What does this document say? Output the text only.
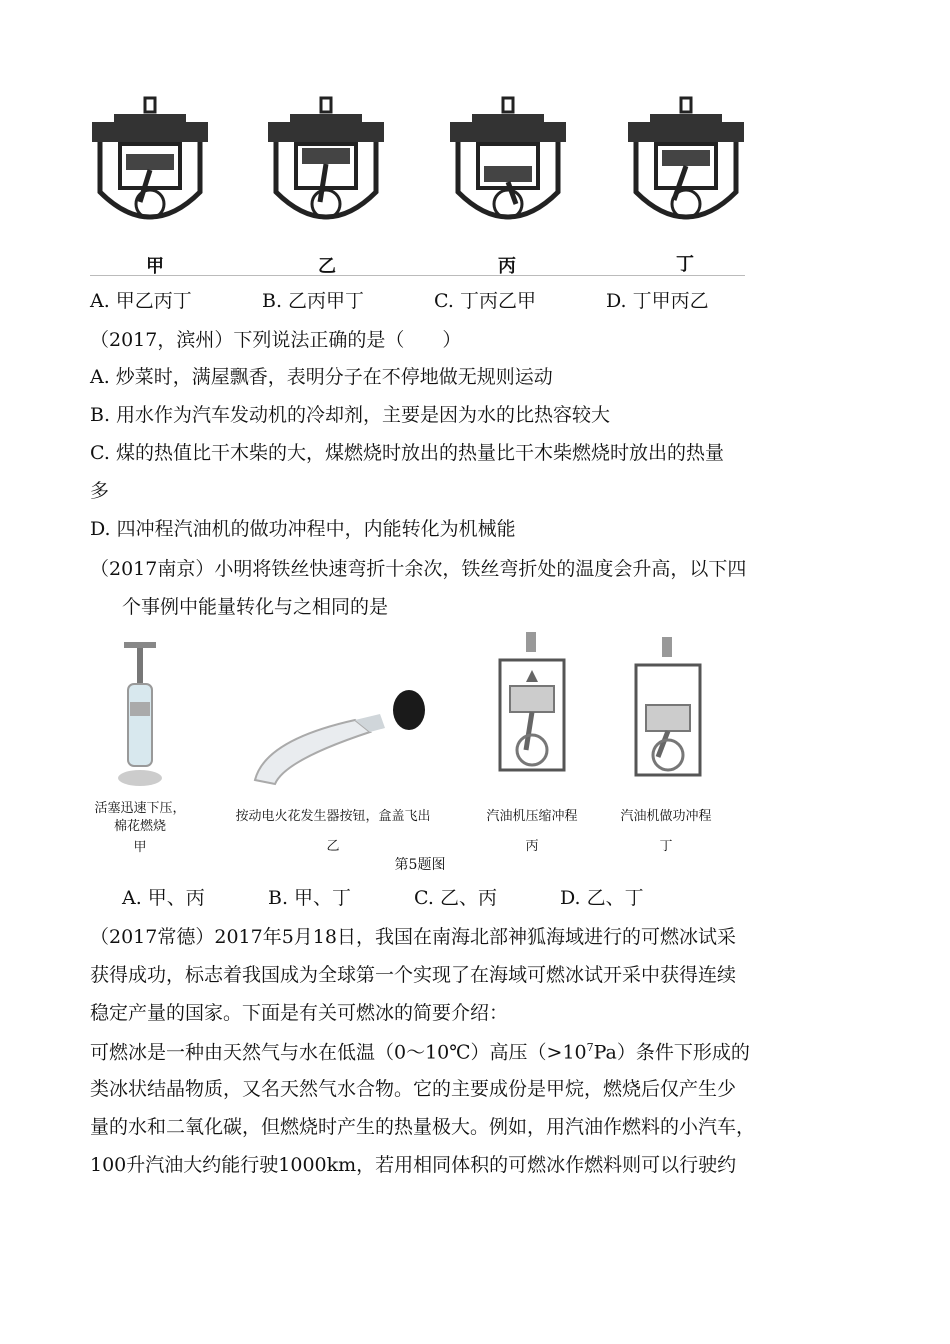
甲	乙	丙	丁
A. 甲乙丙丁	B. 乙丙甲丁	C. 丁丙乙甲	D. 丁甲丙乙
（2017，滨州）下列说法正确的是（　　）
A. 炒菜时，满屋飘香，表明分子在不停地做无规则运动
B. 用水作为汽车发动机的冷却剂，主要是因为水的比热容较大
C. 煤的热值比干木柴的大，煤燃烧时放出的热量比干木柴燃烧时放出的热量
多
D. 四冲程汽油机的做功冲程中，内能转化为机械能
（2017南京）小明将铁丝快速弯折十余次，铁丝弯折处的温度会升高，以下四
个事例中能量转化与之相同的是
活塞迅速下压，
棉花燃烧
甲
按动电火花发生器按钮，盒盖飞出
乙
汽油机压缩冲程
丙
汽油机做功冲程
丁
第5题图
A. 甲、丙	B. 甲、丁	C. 乙、丙	D. 乙、丁
（2017常德）2017年5月18日，我国在南海北部神狐海域进行的可燃冰试采
获得成功，标志着我国成为全球第一个实现了在海域可燃冰试开采中获得连续
稳定产量的国家。下面是有关可燃冰的简要介绍：
可燃冰是一种由天然气与水在低温（0～10℃）高压$(>10^7Pa)$条件下形成的
类冰状结晶物质，又名天然气水合物。它的主要成份是甲烷，燃烧后仅产生少
量的水和二氧化碳，但燃烧时产生的热量极大。例如，用汽油作燃料的小汽车，
100升汽油大约能行驶1000km，若用相同体积的可燃冰作燃料则可以行驶约
